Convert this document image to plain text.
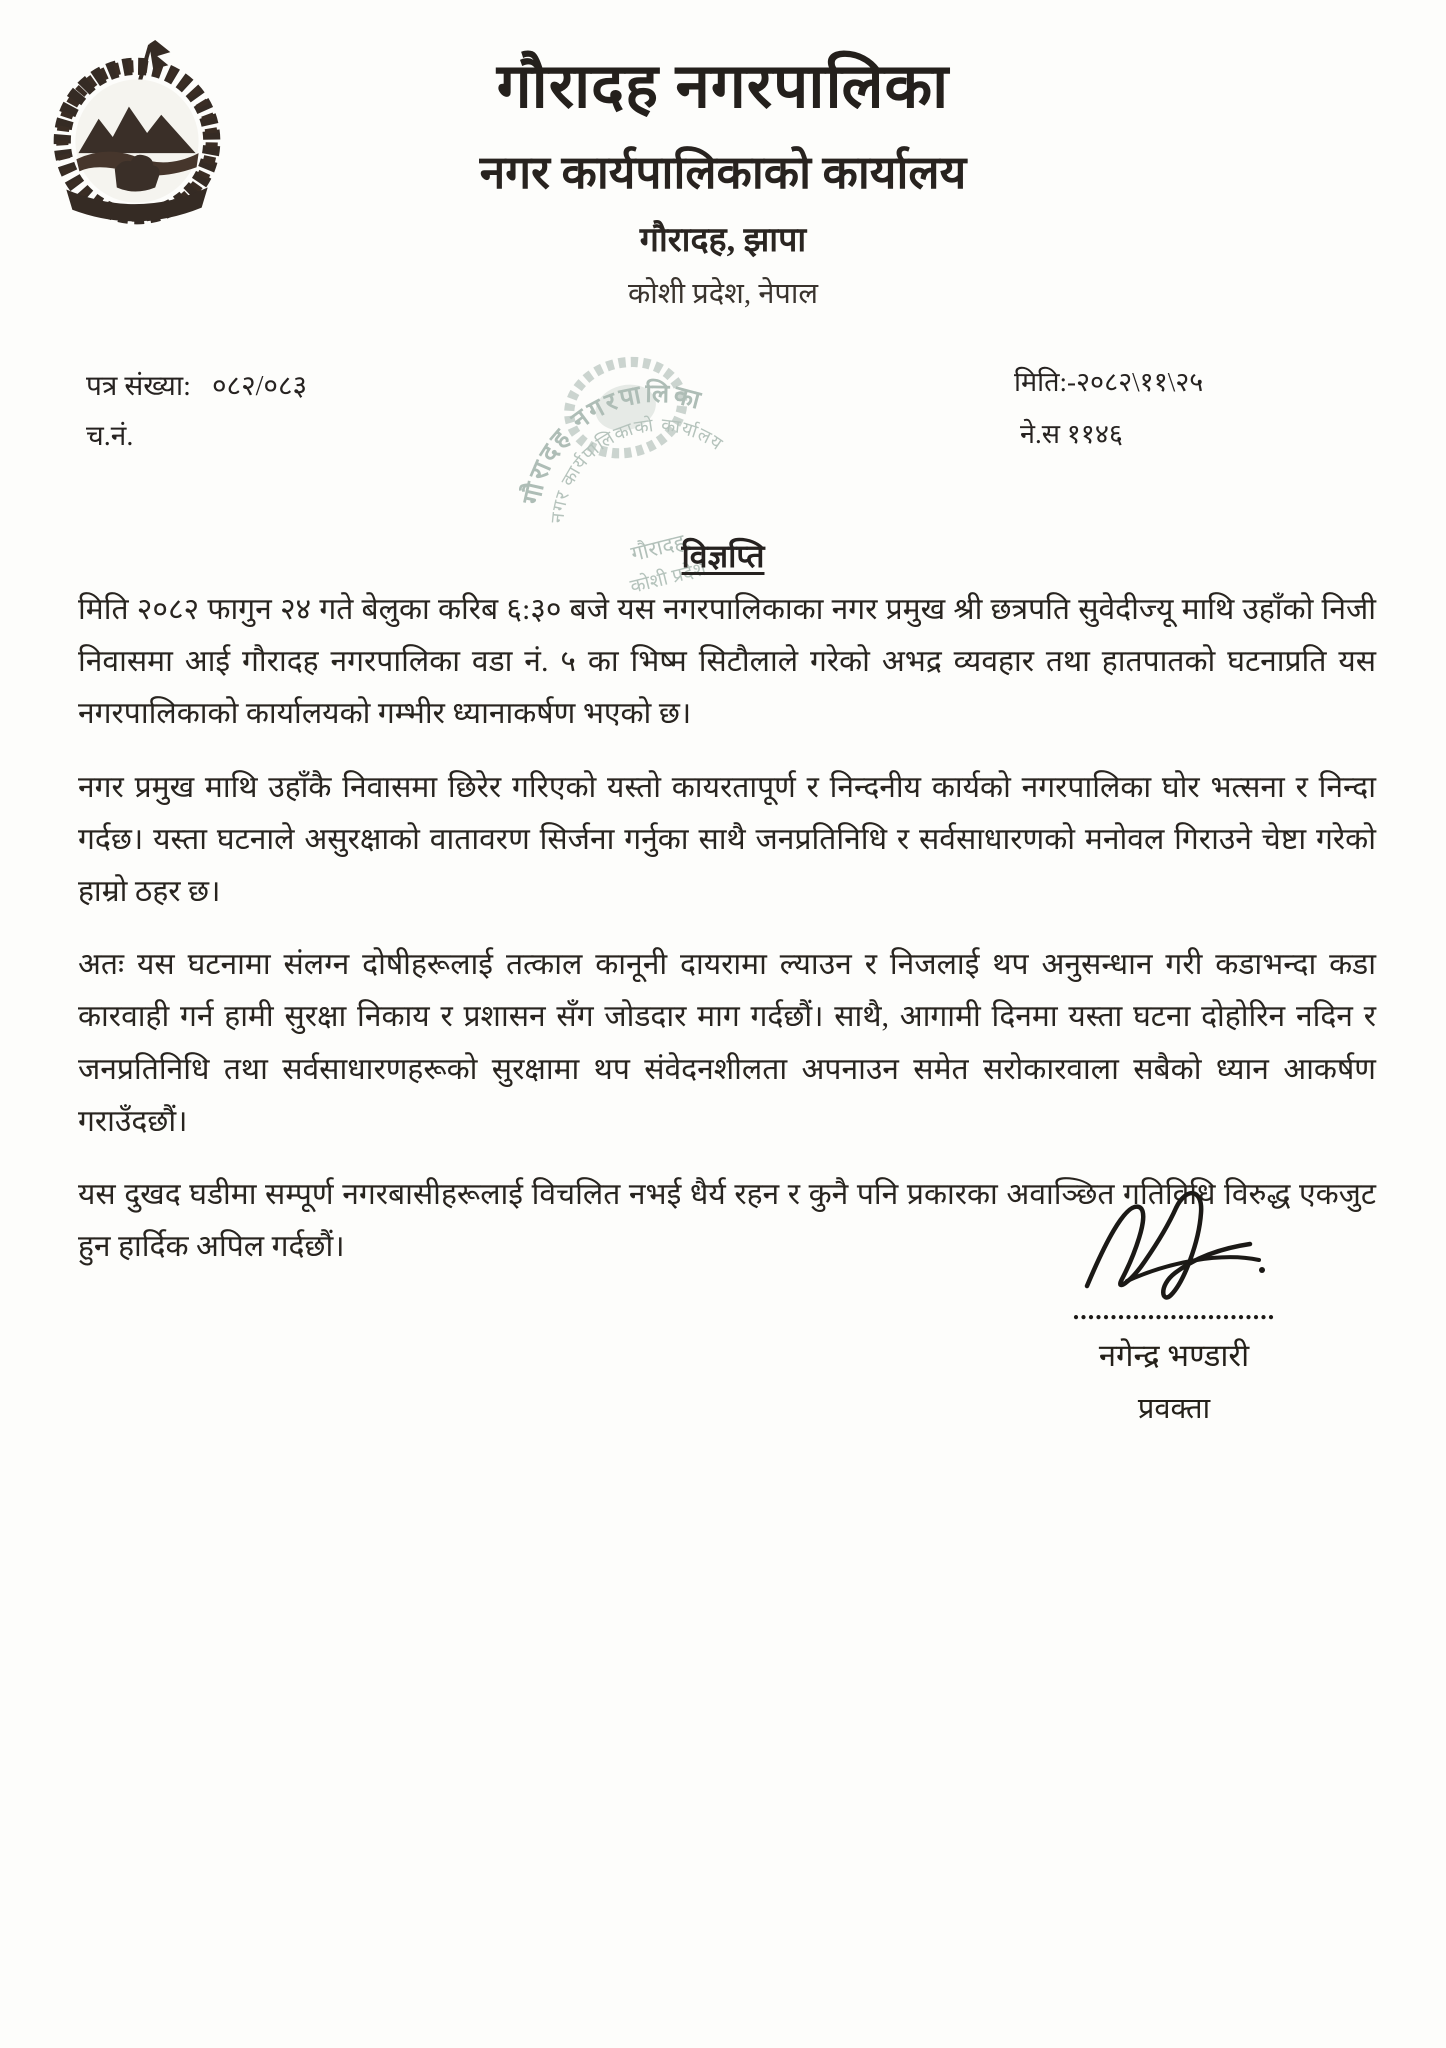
गौरादह नगरपालिका
नगर कार्यपालिकाको कार्यालय
गौरादह, झापा
कोशी प्रदेश, नेपाल
पत्र संख्या: ०८२/०८३
च.नं.
मिति:-२०८२\११\२५
ने.स ११४६
गौरादह नगरपालिका
नगर कार्यपालिकाको कार्यालय
गौरादह,
कोशी प्रदेश
विज्ञप्ति

मिति २०८२ फागुन २४ गते बेलुका करिब ६:३० बजे यस नगरपालिकाका नगर प्रमुख श्री छत्रपति सुवेदीज्यू माथि उहाँको निजी निवासमा आई गौरादह नगरपालिका वडा नं. ५ का भिष्म सिटौलाले गरेको अभद्र व्यवहार तथा हातपातको घटनाप्रति यस नगरपालिकाको कार्यालयको गम्भीर ध्यानाकर्षण भएको छ।

नगर प्रमुख माथि उहाँकै निवासमा छिरेर गरिएको यस्तो कायरतापूर्ण र निन्दनीय कार्यको नगरपालिका घोर भत्सना र निन्दा गर्दछ। यस्ता घटनाले असुरक्षाको वातावरण सिर्जना गर्नुका साथै जनप्रतिनिधि र सर्वसाधारणको मनोवल गिराउने चेष्टा गरेको हाम्रो ठहर छ।

अतः यस घटनामा संलग्न दोषीहरूलाई तत्काल कानूनी दायरामा ल्याउन र निजलाई थप अनुसन्धान गरी कडाभन्दा कडा कारवाही गर्न हामी सुरक्षा निकाय र प्रशासन सँग जोडदार माग गर्दछौं। साथै, आगामी दिनमा यस्ता घटना दोहोरिन नदिन र जनप्रतिनिधि तथा सर्वसाधारणहरूको सुरक्षामा थप संवेदनशीलता अपनाउन समेत सरोकारवाला सबैको ध्यान आकर्षण गराउँदछौं।

यस दुखद घडीमा सम्पूर्ण नगरबासीहरूलाई विचलित नभई धैर्य रहन र कुनै पनि प्रकारका अवाञ्छित गतिविधि विरुद्ध एकजुट हुन हार्दिक अपिल गर्दछौं।

...........................
नगेन्द्र भण्डारी
प्रवक्ता
